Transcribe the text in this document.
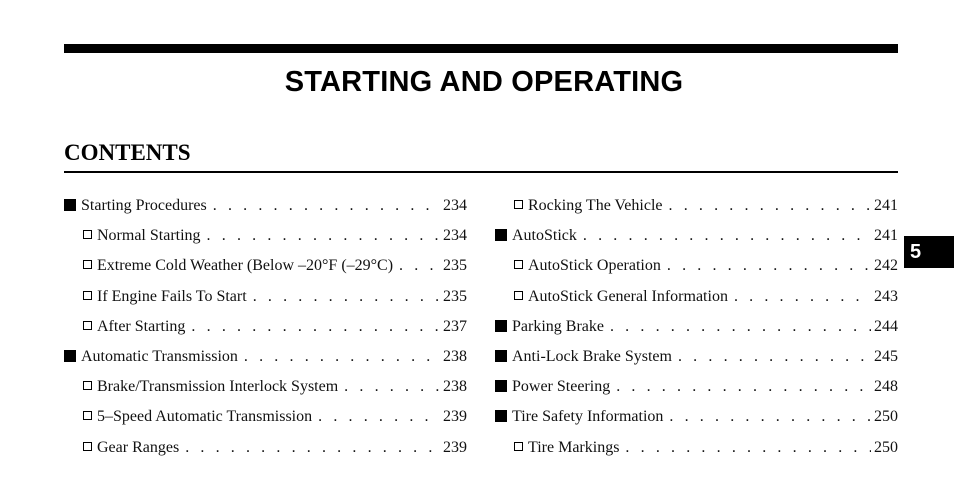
STARTING AND OPERATING
CONTENTS
Starting Procedures . . .	234
Normal Starting . . .	234
Extreme Cold Weather (Below –20°F (–29°C) . . .	235
If Engine Fails To Start . . .	235
After Starting . . .	237
Automatic Transmission . . .	238
Brake/Transmission Interlock System . . .	238
5–Speed Automatic Transmission . . .	239
Gear Ranges . . .	239
Rocking The Vehicle . . .	241
AutoStick . . .	241
AutoStick Operation . . .	242
AutoStick General Information . . .	243
Parking Brake . . .	244
Anti-Lock Brake System . . .	245
Power Steering . . .	248
Tire Safety Information . . .	250
Tire Markings . . .	250
5
